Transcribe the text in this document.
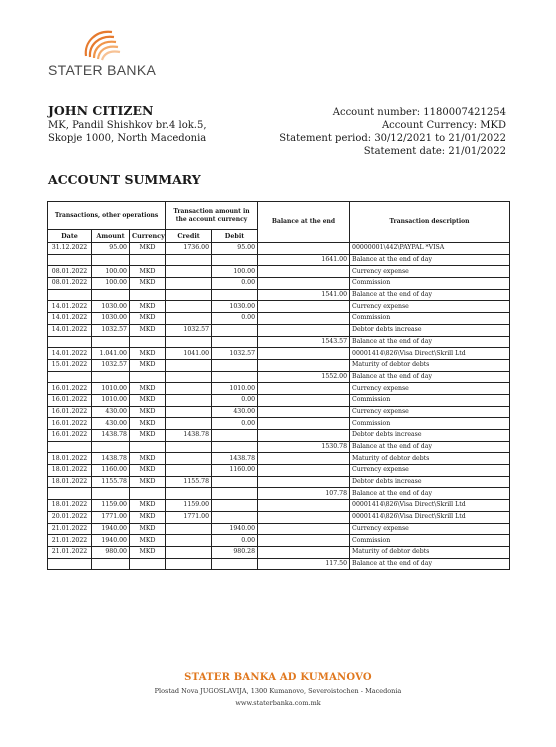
STATER BANKA
JOHN CITIZEN
MK, Pandil Shishkov br.4 lok.5,
Skopje 1000, North Macedonia
Account number: 1180007421254
Account Currency: MKD
Statement period: 30/12/2021 to 21/01/2022
Statement date: 21/01/2022
ACCOUNT SUMMARY
Transactions, other operations			Transaction amount in the account currency		Balance at the end	Transaction description
Date	Amount	Currency	Credit	Debit		
31.12.2022	95.00	MKD	1736.00	95.00		00000001\442\PAYPAL *VISA
					1641.00	Balance at the end of day
08.01.2022	100.00	MKD		100.00		Currency expense
08.01.2022	100.00	MKD		0.00		Commission
					1541.00	Balance at the end of day
14.01.2022	1030.00	MKD		1030.00		Currency expense
14.01.2022	1030.00	MKD		0.00		Commission
14.01.2022	1032.57	MKD	1032.57			Debtor debts increase
					1543.57	Balance at the end of day
14.01.2022	1.041.00	MKD	1041.00	1032.57		00001414\826\Visa Direct\Skrill Ltd
15.01.2022	1032.57	MKD				Maturity of debtor debts
					1552.00	Balance at the end of day
16.01.2022	1010.00	MKD		1010.00		Currency expense
16.01.2022	1010.00	MKD		0.00		Commission
16.01.2022	430.00	MKD		430.00		Currency expense
16.01.2022	430.00	MKD		0.00		Commission
16.01.2022	1438.78	MKD	1438.78			Debtor debts increase
					1530.78	Balance at the end of day
18.01.2022	1438.78	MKD		1438.78		Maturity of debtor debts
18.01.2022	1160.00	MKD		1160.00		Currency expense
18.01.2022	1155.78	MKD	1155.78			Debtor debts increase
					107.78	Balance at the end of day
18.01.2022	1159.00	MKD	1159.00			00001414\826\Visa Direct\Skrill Ltd
20.01.2022	1771.00	MKD	1771.00			00001414\826\Visa Direct\Skrill Ltd
21.01.2022	1940.00	MKD		1940.00		Currency expense
21.01.2022	1940.00	MKD		0.00		Commission
21.01.2022	980.00	MKD		980.28		Maturity of debtor debts
					117.50	Balance at the end of day
STATER BANKA AD KUMANOVO
Plostad Nova JUGOSLAVIJA, 1300 Kumanovo, Severoistochen - Macedonia
www.staterbanka.com.mk
